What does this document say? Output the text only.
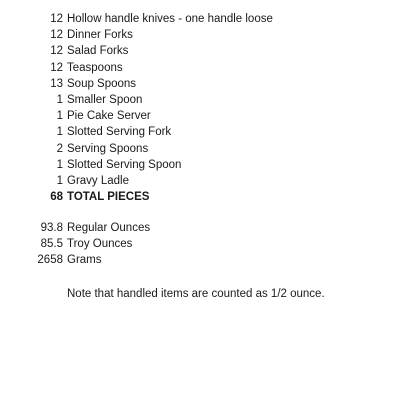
12 Hollow handle knives - one handle loose
12 Dinner Forks
12 Salad Forks
12 Teaspoons
13 Soup Spoons
1 Smaller Spoon
1 Pie Cake Server
1 Slotted Serving Fork
2 Serving Spoons
1 Slotted Serving Spoon
1 Gravy Ladle
68 TOTAL PIECES
93.8 Regular Ounces
85.5 Troy Ounces
2658 Grams
Note that handled items are counted as 1/2 ounce.
